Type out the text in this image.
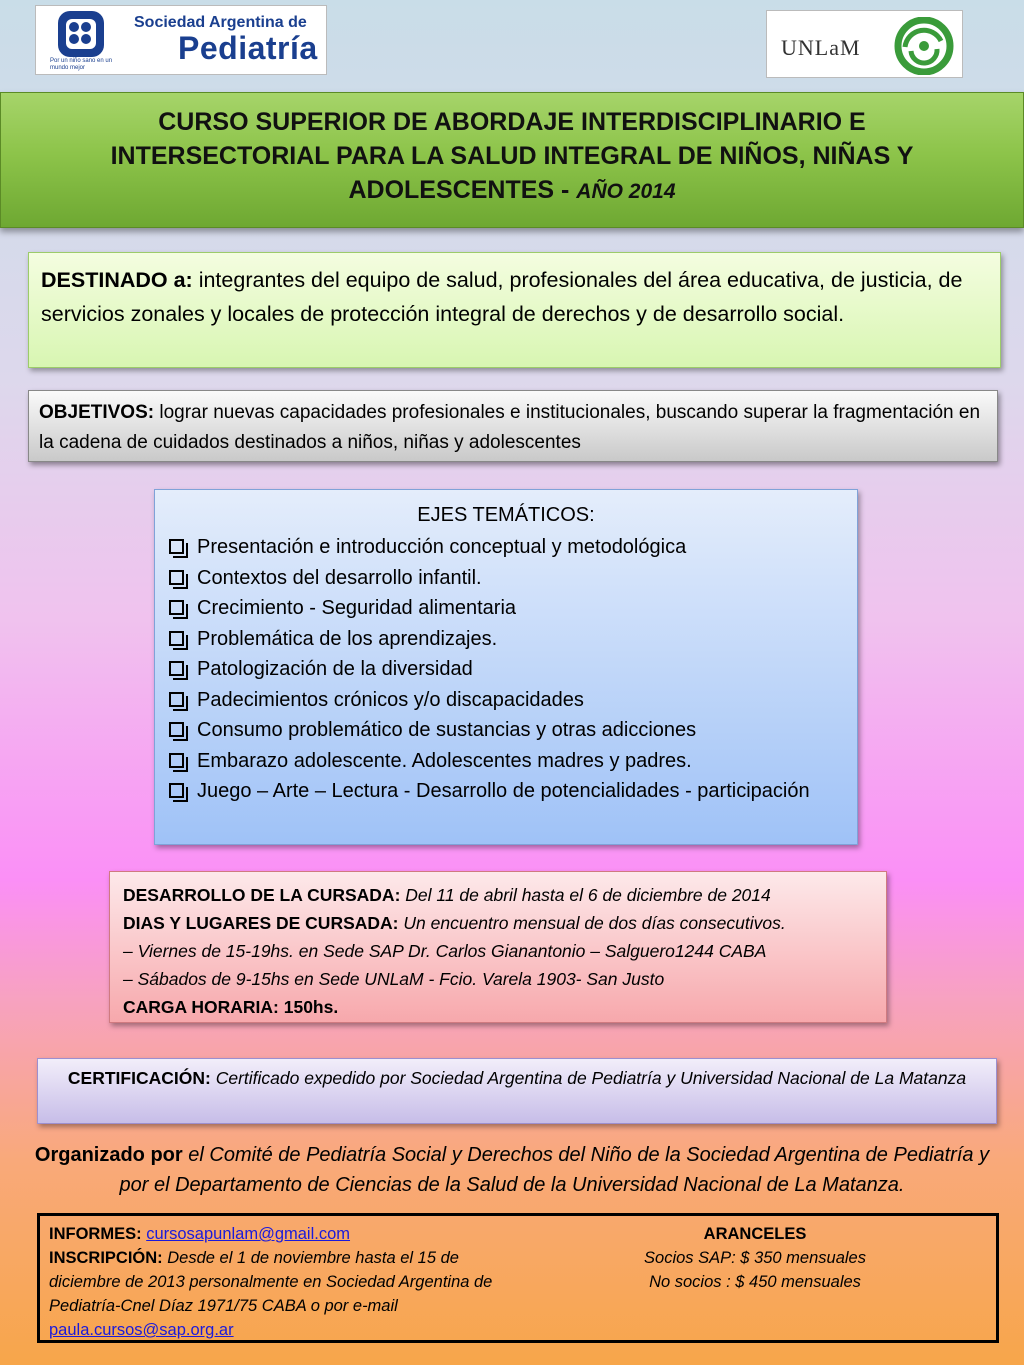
Sociedad Argentina de
Pediatría
Por un niño sano en un mundo mejor
UNLaM
CURSO SUPERIOR DE ABORDAJE INTERDISCIPLINARIO E
INTERSECTORIAL PARA LA SALUD INTEGRAL DE NIÑOS, NIÑAS Y
ADOLESCENTES - AÑO 2014
DESTINADO a: integrantes del equipo de salud, profesionales del área educativa, de justicia, de servicios zonales y locales de protección integral de derechos y de desarrollo social.
OBJETIVOS: lograr nuevas capacidades profesionales e institucionales, buscando superar la fragmentación en la cadena de cuidados destinados a niños, niñas y adolescentes
EJES TEMÁTICOS:
Presentación e introducción conceptual y metodológica
Contextos del desarrollo infantil.
Crecimiento - Seguridad alimentaria
Problemática de los aprendizajes.
Patologización de la diversidad
Padecimientos crónicos y/o discapacidades
Consumo problemático de sustancias y otras adicciones
Embarazo adolescente. Adolescentes madres y padres.
Juego – Arte – Lectura - Desarrollo de potencialidades - participación
DESARROLLO DE LA CURSADA: Del 11 de abril hasta el 6 de diciembre de 2014
DIAS Y LUGARES DE CURSADA: Un encuentro mensual de dos días consecutivos.
– Viernes de 15-19hs. en Sede SAP Dr. Carlos Gianantonio – Salguero1244 CABA
– Sábados de 9-15hs en Sede UNLaM - Fcio. Varela 1903- San Justo
CARGA HORARIA: 150hs.
CERTIFICACIÓN: Certificado expedido por Sociedad Argentina de Pediatría y Universidad Nacional de La Matanza
Organizado por el Comité de Pediatría Social y Derechos del Niño de la Sociedad Argentina de Pediatría y por el Departamento de Ciencias de la Salud de la Universidad Nacional de La Matanza.
INFORMES: cursosapunlam@gmail.com
INSCRIPCIÓN: Desde el 1 de noviembre hasta el 15 de diciembre de 2013 personalmente en Sociedad Argentina de Pediatría-Cnel Díaz 1971/75 CABA o por e-mail
paula.cursos@sap.org.ar
ARANCELES
Socios SAP: $ 350 mensuales
No socios : $ 450 mensuales
